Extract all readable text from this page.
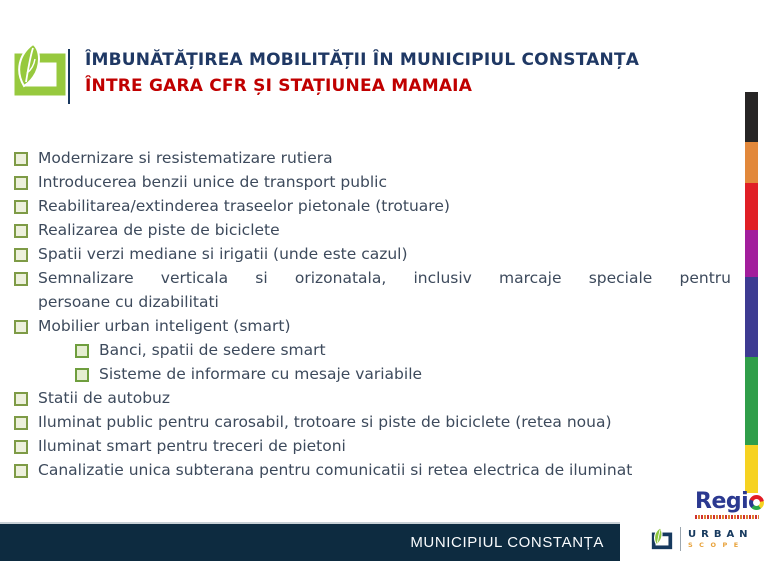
ÎMBUNĂTĂȚIREA MOBILITĂȚII ÎN MUNICIPIUL CONSTANȚA
ÎNTRE GARA CFR ȘI STAȚIUNEA MAMAIA
Modernizare si resistematizare rutiera
Introducerea benzii unice de transport public
Reabilitarea/extinderea traseelor pietonale (trotuare)
Realizarea de piste de biciclete
Spatii verzi mediane si irigatii (unde este cazul)
Semnalizare verticala si orizonatala, inclusiv marcaje speciale pentru
persoane cu dizabilitati
Mobilier urban inteligent (smart)
Banci, spatii de sedere smart
Sisteme de informare cu mesaje variabile
Statii de autobuz
Iluminat public pentru carosabil, trotoare si piste de biciclete (retea noua)
Iluminat smart pentru treceri de pietoni
Canalizatie unica subterana pentru comunicatii si retea electrica de iluminat
Regi
MUNICIPIUL CONSTANȚA	URBAN
SCOPE
